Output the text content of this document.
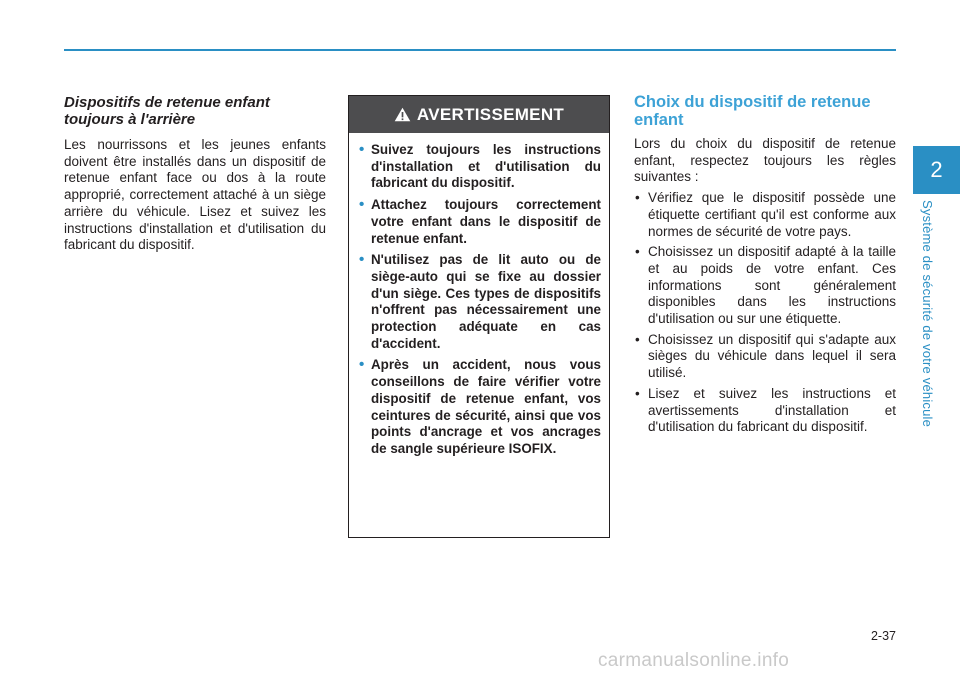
Dispositifs de retenue enfant toujours à l'arrière

Les nourrissons et les jeunes enfants doivent être installés dans un dispositif de retenue enfant face ou dos à la route approprié, correctement attaché à un siège arrière du véhicule. Lisez et suivez les instructions d'installation et d'utilisation du fabricant du dispositif.

AVERTISSEMENT
• Suivez toujours les instructions d'installation et d'utilisation du fabricant du dispositif.
• Attachez toujours correctement votre enfant dans le dispositif de retenue enfant.
• N'utilisez pas de lit auto ou de siège-auto qui se fixe au dossier d'un siège. Ces types de dispositifs n'offrent pas nécessairement une protection adéquate en cas d'accident.
• Après un accident, nous vous conseillons de faire vérifier votre dispositif de retenue enfant, vos ceintures de sécurité, ainsi que vos points d'ancrage et vos ancrages de sangle supérieure ISOFIX.
Choix du dispositif de retenue enfant

Lors du choix du dispositif de retenue enfant, respectez toujours les règles suivantes :

• Vérifiez que le dispositif possède une étiquette certifiant qu'il est conforme aux normes de sécurité de votre pays.
• Choisissez un dispositif adapté à la taille et au poids de votre enfant. Ces informations sont généralement disponibles dans les instructions d'utilisation ou sur une étiquette.
• Choisissez un dispositif qui s'adapte aux sièges du véhicule dans lequel il sera utilisé.
• Lisez et suivez les instructions et avertissements d'installation et d'utilisation du fabricant du dispositif.
2
Système de sécurité de votre véhicule
2-37
carmanualsonline.info
